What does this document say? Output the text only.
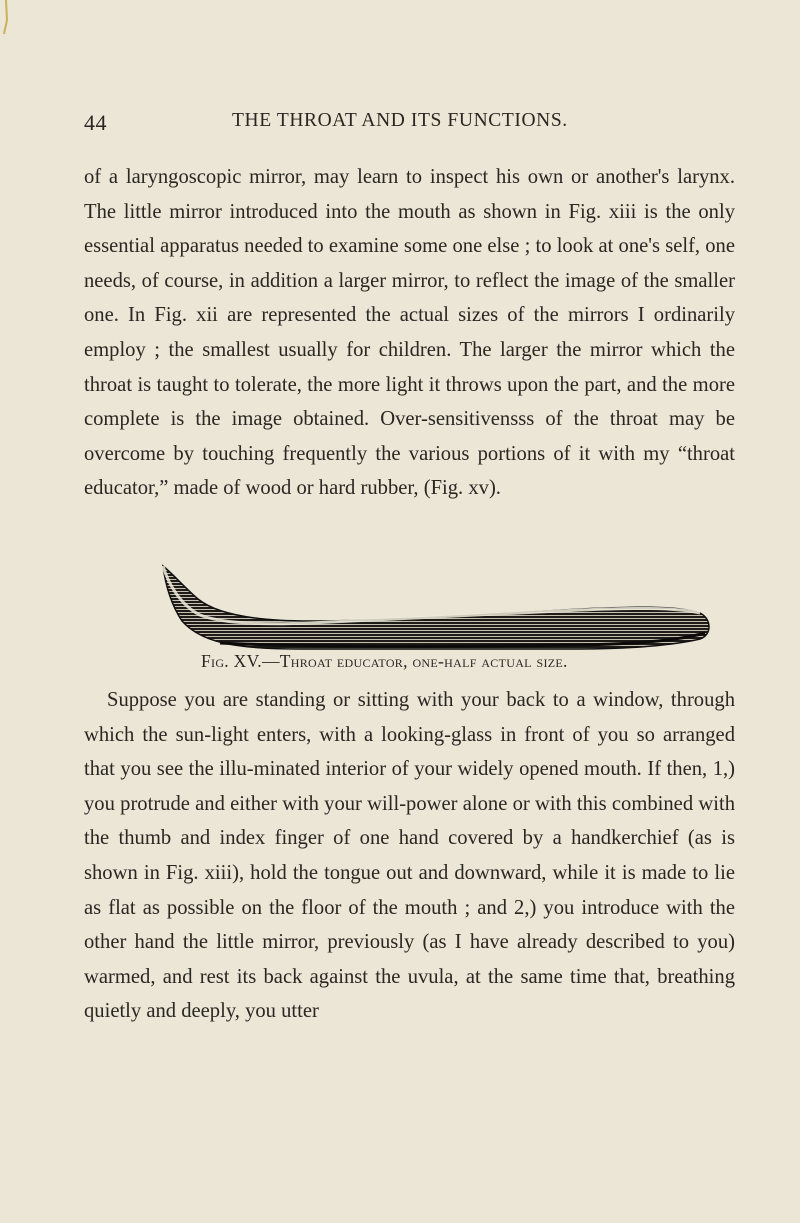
44	THE THROAT AND ITS FUNCTIONS.

of a laryngoscopic mirror, may learn to inspect his own or another's larynx. The little mirror introduced into the mouth as shown in Fig. xiii is the only essential apparatus needed to examine some one else ; to look at one's self, one needs, of course, in addition a larger mirror, to reflect the image of the smaller one. In Fig. xii are represented the actual sizes of the mirrors I ordinarily employ ; the smallest usually for children. The larger the mirror which the throat is taught to tolerate, the more light it throws upon the part, and the more complete is the image obtained. Over-sensitivensss of the throat may be overcome by touching frequently the various portions of it with my “throat educator,” made of wood or hard rubber, (Fig. xv).

Fig. XV.—Throat educator, one-half actual size.

Suppose you are standing or sitting with your back to a window, through which the sun-light enters, with a looking-glass in front of you so arranged that you see the illu-minated interior of your widely opened mouth. If then, 1,) you protrude and either with your will-power alone or with this combined with the thumb and index finger of one hand covered by a handkerchief (as is shown in Fig. xiii), hold the tongue out and downward, while it is made to lie as flat as possible on the floor of the mouth ; and 2,) you introduce with the other hand the little mirror, previously (as I have already described to you) warmed, and rest its back against the uvula, at the same time that, breathing quietly and deeply, you utter
